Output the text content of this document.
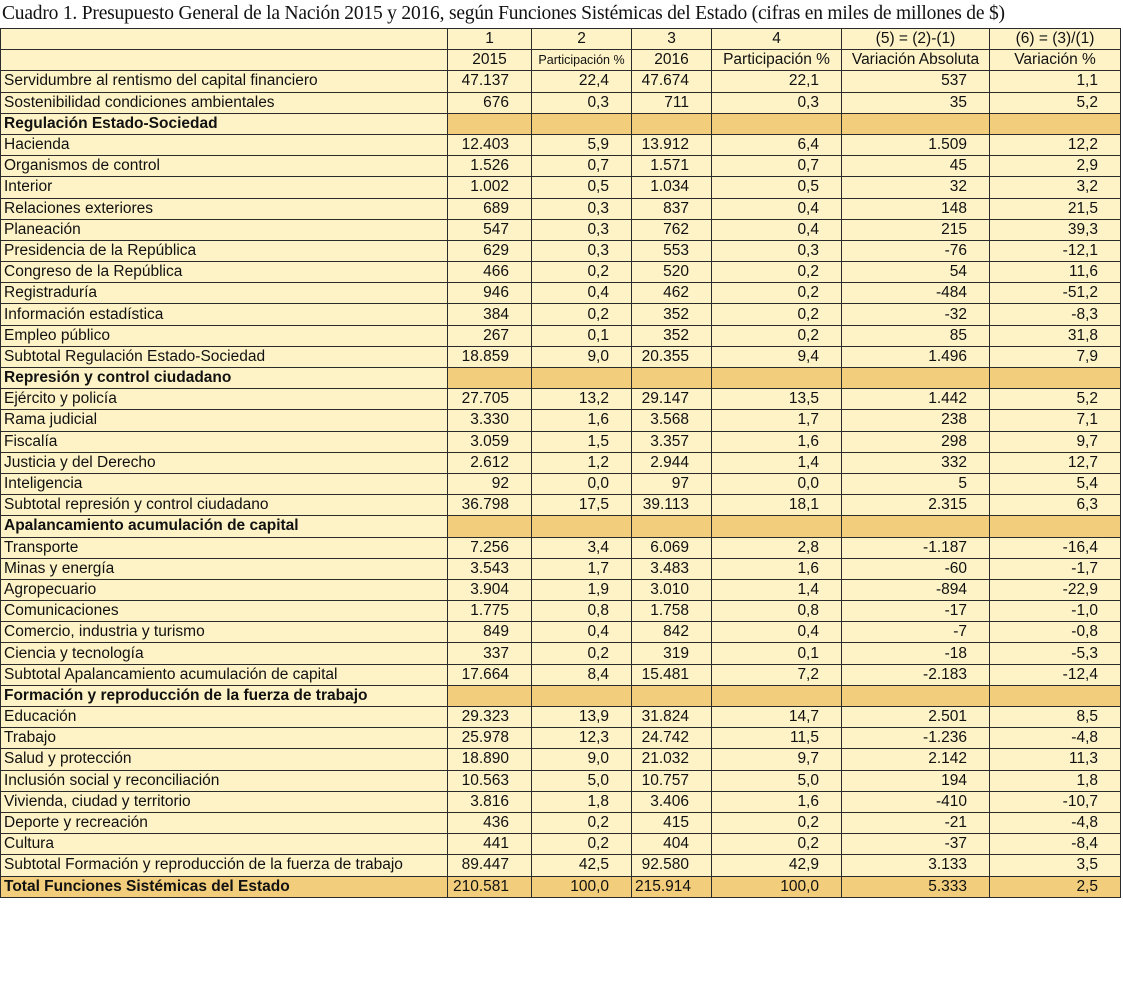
Cuadro 1. Presupuesto General de la Nación 2015 y 2016, según Funciones Sistémicas del Estado (cifras en miles de millones de $)
	1	2	3	4	(5) = (2)-(1)	(6) = (3)/(1)
	2015	Participación %	2016	Participación %	Variación Absoluta	Variación %
Servidumbre al rentismo del capital financiero	47.137	22,4	47.674	22,1	537	1,1
Sostenibilidad condiciones ambientales	676	0,3	711	0,3	35	5,2
Regulación Estado-Sociedad						
Hacienda	12.403	5,9	13.912	6,4	1.509	12,2
Organismos de control	1.526	0,7	1.571	0,7	45	2,9
Interior	1.002	0,5	1.034	0,5	32	3,2
Relaciones exteriores	689	0,3	837	0,4	148	21,5
Planeación	547	0,3	762	0,4	215	39,3
Presidencia de la República	629	0,3	553	0,3	-76	-12,1
Congreso de la República	466	0,2	520	0,2	54	11,6
Registraduría	946	0,4	462	0,2	-484	-51,2
Información estadística	384	0,2	352	0,2	-32	-8,3
Empleo público	267	0,1	352	0,2	85	31,8
Subtotal Regulación Estado-Sociedad	18.859	9,0	20.355	9,4	1.496	7,9
Represión y control ciudadano						
Ejército y policía	27.705	13,2	29.147	13,5	1.442	5,2
Rama judicial	3.330	1,6	3.568	1,7	238	7,1
Fiscalía	3.059	1,5	3.357	1,6	298	9,7
Justicia y del Derecho	2.612	1,2	2.944	1,4	332	12,7
Inteligencia	92	0,0	97	0,0	5	5,4
Subtotal represión y control ciudadano	36.798	17,5	39.113	18,1	2.315	6,3
Apalancamiento acumulación de capital						
Transporte	7.256	3,4	6.069	2,8	-1.187	-16,4
Minas y energía	3.543	1,7	3.483	1,6	-60	-1,7
Agropecuario	3.904	1,9	3.010	1,4	-894	-22,9
Comunicaciones	1.775	0,8	1.758	0,8	-17	-1,0
Comercio, industria y turismo	849	0,4	842	0,4	-7	-0,8
Ciencia y tecnología	337	0,2	319	0,1	-18	-5,3
Subtotal Apalancamiento acumulación de capital	17.664	8,4	15.481	7,2	-2.183	-12,4
Formación y reproducción de la fuerza de trabajo						
Educación	29.323	13,9	31.824	14,7	2.501	8,5
Trabajo	25.978	12,3	24.742	11,5	-1.236	-4,8
Salud y protección	18.890	9,0	21.032	9,7	2.142	11,3
Inclusión social y reconciliación	10.563	5,0	10.757	5,0	194	1,8
Vivienda, ciudad y territorio	3.816	1,8	3.406	1,6	-410	-10,7
Deporte y recreación	436	0,2	415	0,2	-21	-4,8
Cultura	441	0,2	404	0,2	-37	-8,4
Subtotal Formación y reproducción de la fuerza de trabajo	89.447	42,5	92.580	42,9	3.133	3,5
Total Funciones Sistémicas del Estado	210.581	100,0	215.914	100,0	5.333	2,5
